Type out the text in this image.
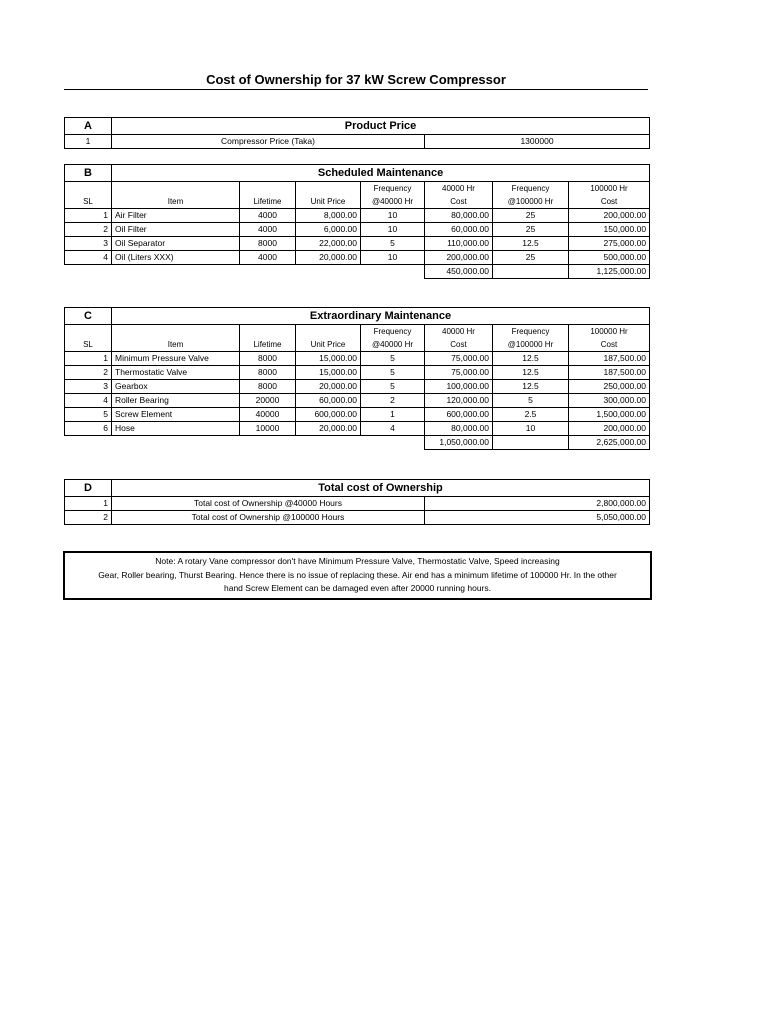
Cost of Ownership for 37 kW Screw Compressor
A	Product Price	
1	Compressor Price (Taka)	1300000
B	Scheduled Maintenance						
				Frequency	40000 Hr	Frequency	100000 Hr
SL	Item	Lifetime	Unit Price	@40000 Hr	Cost	@100000 Hr	Cost
1	Air Filter	4000	8,000.00	10	80,000.00	25	200,000.00
2	Oil Filter	4000	6,000.00	10	60,000.00	25	150,000.00
3	Oil Separator	8000	22,000.00	5	110,000.00	12.5	275,000.00
4	Oil (Liters XXX)	4000	20,000.00	10	200,000.00	25	500,000.00
					450,000.00		1,125,000.00
C	Extraordinary Maintenance						
				Frequency	40000 Hr	Frequency	100000 Hr
SL	Item	Lifetime	Unit Price	@40000 Hr	Cost	@100000 Hr	Cost
1	Minimum Pressure Valve	8000	15,000.00	5	75,000.00	12.5	187,500.00
2	Thermostatic Valve	8000	15,000.00	5	75,000.00	12.5	187,500.00
3	Gearbox	8000	20,000.00	5	100,000.00	12.5	250,000.00
4	Roller Bearing	20000	60,000.00	2	120,000.00	5	300,000.00
5	Screw Element	40000	600,000.00	1	600,000.00	2.5	1,500,000.00
6	Hose	10000	20,000.00	4	80,000.00	10	200,000.00
					1,050,000.00		2,625,000.00
D	Total cost of Ownership	
1	Total cost of Ownership @40000 Hours	2,800,000.00
2	Total cost of Ownership @100000 Hours	5,050,000.00
Note: A rotary Vane compressor don't have Minimum Pressure Valve, Thermostatic Valve, Speed increasing
Gear, Roller bearing, Thurst Bearing. Hence there is no issue of replacing these. Air end has a minimum lifetime of 100000 Hr. In the other
hand Screw Element can be damaged even after 20000 running hours.
